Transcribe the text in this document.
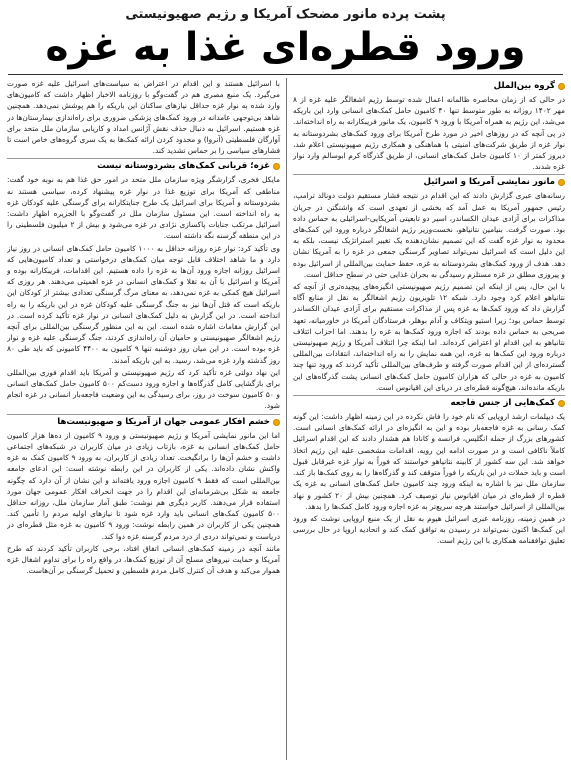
پشت پرده مانور مضحک آمریکا و رژیم صهیونیستی
ورود قطره‌ای غذا به غزه
گروه بین‌الملل

در حالی که از زمان محاصره ظالمانه اعمال شده توسط رژیم اشغالگر علیه غزه از ۸ مهر ۱۴۰۲ روزانه به طور متوسط تنها ۴۰ کامیون حامل کمک‌های انسانی وارد این باریکه می‌شد، این رژیم به همراه آمریکا با ورود ۹ کامیون، یک مانور فریبکارانه به راه انداخته‌اند. در پی آنچه که در روزهای اخیر در مورد طرح آمریکا برای ورود کمک‌های بشردوستانه به نوار غزه از طریق شرکت‌های امنیتی با هماهنگی و همکاری رژیم صهیونیستی اعلام شد، دیروز کمتر از ۱۰ کامیون حامل کمک‌های انسانی، از طریق گذرگاه کرم ابوسالم وارد نوار غزه شدند.

مانور نمایشی آمریکا و اسرائیل

رسانه‌های عبری گزارش دادند که این اقدام در نتیجه فشار مستقیم دولت دونالد ترامپ، رئیس جمهور آمریکا به عمل آمد که بخشی از تعهدی است که واشنگتن در جریان مذاکرات برای آزادی عیدان الکساندر، اسیر دو تابعیتی آمریکایی-اسرائیلی به حماس داده بود. صورت گرفت. بنیامین نتانیاهو، نخست‌وزیر رژیم اشغالگر درباره ورود این کمک‌های محدود به نوار غزه گفت که این تصمیم نشان‌دهنده یک تغییر استراتژیک نیست، بلکه به این دلیل است که اسرائیل نمی‌تواند تصاویر گرسنگی جمعی در غزه را به آمریکا نشان دهد. هدف از ورود کمک‌های بشردوستانه به غزه، حفظ حمایت بین‌المللی از اسرائیل بوده و پیروزی مطلق در غزه مستلزم رسیدگی به بحران غذایی حتی در سطح حداقل است.

با این حال، پس از اینکه این تصمیم رژیم صهیونیستی انگیزه‌های پیچیده‌تری از آنچه که نتانیاهو اعلام کرد وجود دارد. شبکه ۱۲ تلویزیون رژیم اشغالگر به نقل از منابع آگاه گزارش داد که ورود کمک‌ها به غزه پس از مذاکرات مستقیم برای آزادی عیدان الکساندر توسط حماس بود؛ زیرا استیو ویتکاف و آدام بوهلر، فرستادگان آمریکا در خاورمیانه، تعهد صریحی به حماس داده بودند که اجازه ورود کمک‌ها به غزه را بدهند. اما احزاب ائتلاف نتانیاهو به این اقدام او اعتراض کرده‌اند. اما اینکه چرا ائتلاف آمریکا و رژیم صهیونیستی درباره ورود این کمک‌ها به غزه، این همه نمایش را به راه انداخته‌اند، انتقادات بین‌المللی گسترده‌ای از این اقدام صورت گرفته و طرف‌های بین‌المللی تأکید کردند که ورود تنها چند کامیون به غزه در حالی که هزاران کامیون حامل کمک‌های انسانی پشت گذرگاه‌های این باریکه مانده‌اند، هیچ‌گونه قطره‌ای در دریای این اقیانوس است.

کمک‌هایی از جنس فاجعه

یک دیپلمات ارشد اروپایی که نام خود را فاش نکرده در این زمینه اظهار داشت: این گونه کمک رسانی به غزه فاجعه‌بار بوده و این به انگیزه‌ای در ارائه کمک‌های انسانی است. کشورهای بزرگ از جمله انگلیس، فرانسه و کانادا هم هشدار دادند که این اقدام اسرائیل کاملاً ناکافی است و در صورت ادامه این رویه، اقدامات مشخصی علیه این رژیم اتخاذ خواهد شد. این سه کشور از کابینه نتانیاهو خواستند که فوراً به نوار غزه غیرقابل قبول است و باید حملات در این باریکه را فوراً متوقف کند و گذرگاه‌ها را به روی کمک‌ها باز کند. سازمان ملل نیز با اشاره به اینکه ورود چند کامیون حامل کمک‌های انسانی به غزه یک قطره از قطره‌ای در میان اقیانوس نیاز توصیف کرد. همچنین بیش از ۲۰ کشور و نهاد بین‌المللی از اسرائیل خواستند هرچه سریع‌تر به غزه اجازه ورود کامل کمک‌ها را بدهد.

در همین زمینه، روزنامه عبری اسرائیل هیوم به نقل از یک منبع اروپایی نوشت که ورود این کمک‌ها اکنون نمی‌تواند در رسیدن به توافق کمک کند و اتحادیه اروپا در حال بررسی تعلیق توافقنامه همکاری با این رژیم است.

با اسرائیل هستند و این اقدام در اعتراض به سیاست‌های اسرائیل علیه غزه صورت می‌گیرد. یک منبع مصری هم در گفت‌وگو با روزنامه الاخبار اظهار داشت که کامیون‌های وارد شده به نوار غزه حداقل نیازهای ساکنان این باریکه را هم پوشش نمی‌دهد. همچنین شاهد بی‌توجهی عامدانه در ورود کمک‌های پزشکی ضروری برای راه‌اندازی بیمارستان‌ها در غزه هستیم. اسرائیل به دنبال حذف نقش آژانس امداد و کاریابی سازمان ملل متحد برای آوارگان فلسطینی (آنروا) و محدود کردن ارائه کمک‌ها به یک سری گروه‌های خاص است تا فشارهای سیاسی را بر حماس تشدید کند.

غزه؛ قربانی کمک‌های بشردوستانه نیست

مایکل فخری، گزارشگر ویژه سازمان ملل متحد در امور حق غذا هم به نوبه خود گفت: مناطقی که آمریکا برای توزیع غذا در نوار غزه پیشنهاد کرده، سیاسی هستند نه بشردوستانه و آمریکا برای اسرائیل یک طرح جنایتکارانه برای گرسنگی علیه کودکان غزه به راه انداخته است. این مسئول سازمان ملل در گفت‌وگو با الجزیره اظهار داشت: اسرائیل مرتکب جنایات پاکسازی نژادی در غزه می‌شود و بیش از ۲ میلیون فلسطینی را در این منطقه گرسنه نگه داشته است.

وی تأکید کرد: نوار غزه روزانه حداقل به ۱۰۰۰ کامیون حامل کمک‌های انسانی در روز نیاز دارد و ما شاهد اختلاف قابل توجه میان کمک‌های درخواستی و تعداد کامیون‌هایی که اسرائیل روزانه اجازه ورود آن‌ها به غزه را داده هستیم. این اقدامات، فریبکارانه بوده و آمریکا و اسرائیل با آن به تقلا و کمک‌های انسانی در غزه اهمیتی می‌دهند. هر روزی که اسرائیل هیچ کمکی به غزه نمی‌دهد، به معنای مرگ گرسنگی تعدادی بیشتر از کودکان این باریکه است که قتل آن‌ها نیز به جنگ گرسنگی علیه کودکان غزه در این باریکه را به راه انداخته است. در این گزارش به دلیل کمک‌های انسانی در نوار غزه تأکید کرده است. در این گزارش مقامات اشاره شده است. این به این منظور گرسنگی بین‌المللی برای آنچه رژیم اشغالگر صهیونیستی و حامیان آن راه‌اندازی کردند، جنگ گرسنگی علیه غزه و نوار غزه بوده است. در این میان روز دوشنبه تنها ۹ کامیون ‌به ۴۴۰۰ کامیونی که باید طی ۸۰ روز گذشته وارد غزه می‌شد، رسید. به این باریکه آمدند.

این نهاد دولتی غزه تأکید کرد که رژیم صهیونیستی و آمریکا باید اقدام فوری بین‌المللی برای بازگشایی کامل گذرگاه‌ها و اجازه ورود دست‌کم ۵۰۰ کامیون حامل کمک‌های انسانی و ۵۰ کامیون سوخت در روز، برای رسیدگی به این وضعیت فاجعه‌بار انسانی در غزه انجام شود.

خشم افکار عمومی جهان از آمریکا و صهیونیست‌ها

اما این مانور نمایشی آمریکا و رژیم صهیونیستی و ورود ۹ کامیون از ده‌ها هزار کامیون حامل کمک‌های انسانی به غزه، بازتاب زیادی در میان کاربران در شبکه‌های اجتماعی داشت و خشم آن‌ها را برانگیخت. تعداد زیادی از کاربران، به ورود ۹ کامیون کمک به غزه واکنش نشان داده‌اند. یکی از کاربران در این رابطه نوشته است: این ادعای جامعه بین‌المللی است که فقط ۹ کامیون اجازه ورود یافته‌اند و این نشان از آن دارد که چگونه جامعه به شکل بی‌شرمانه‌ای این اقدام را در جهت انحراف افکار عمومی جهان مورد استفاده قرار می‌دهند. کاربر دیگری هم نوشت: طبق آمار سازمان ملل، روزانه حداقل ۵۰۰ کامیون کمک‌های انسانی باید وارد غزه شود تا نیازهای اولیه مردم را تأمین کند. همچنین یکی از کاربران در همین رابطه نوشت: ورود ۹ کامیون به غزه مثل قطره‌ای در دریاست و نمی‌تواند دردی از درد مردم گرسنه غزه دوا کند.

مانند آنچه در زمینه کمک‌های انسانی اتفاق افتاد، برخی کاربران تأکید کردند که طرح آمریکا و حمایت نیروهای مسلح آن از توزیع کمک‌ها، در واقع راه را برای تداوم اشغال غزه هموار می‌کند و هدف آن کنترل کامل مردم فلسطین و تحمیل گرسنگی بر آن‌هاست.
